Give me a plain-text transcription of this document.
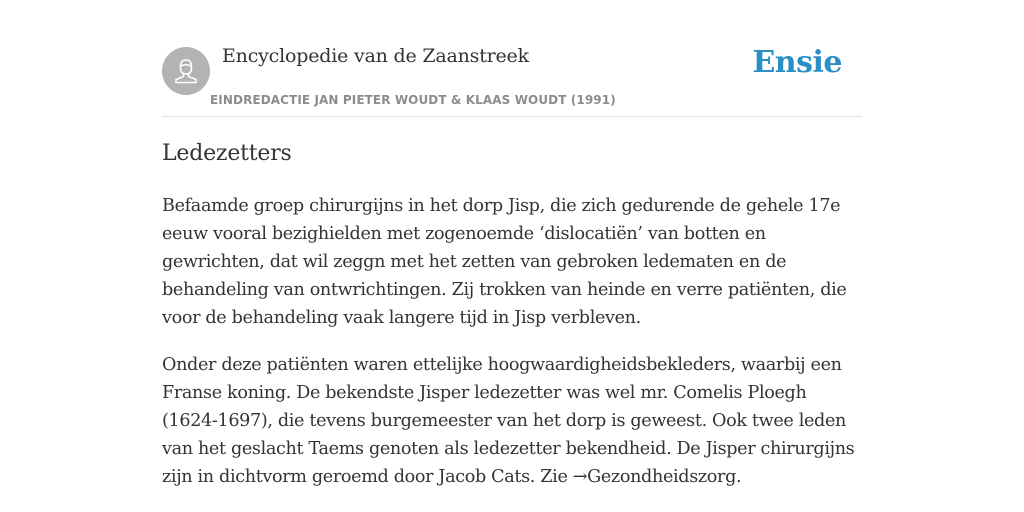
Encyclopedie van de Zaanstreek
EINDREDACTIE JAN PIETER WOUDT & KLAAS WOUDT (1991)
Ensie
Ledezetters

Befaamde groep chirurgijns in het dorp Jisp, die zich gedurende de gehele 17e eeuw vooral bezighielden met zogenoemde ‘dislocatiën’ van botten en gewrichten, dat wil zeggn met het zetten van gebroken ledematen en de behandeling van ontwrichtingen. Zij trokken van heinde en verre patiënten, die voor de behandeling vaak langere tijd in Jisp verbleven.

Onder deze patiënten waren ettelijke hoogwaardigheidsbekleders, waarbij een Franse koning. De bekendste Jisper ledezetter was wel mr. Comelis Ploegh (1624-1697), die tevens burgemeester van het dorp is geweest. Ook twee leden van het geslacht Taems genoten als ledezetter bekendheid. De Jisper chirurgijns zijn in dichtvorm geroemd door Jacob Cats. Zie →Gezondheidszorg.
